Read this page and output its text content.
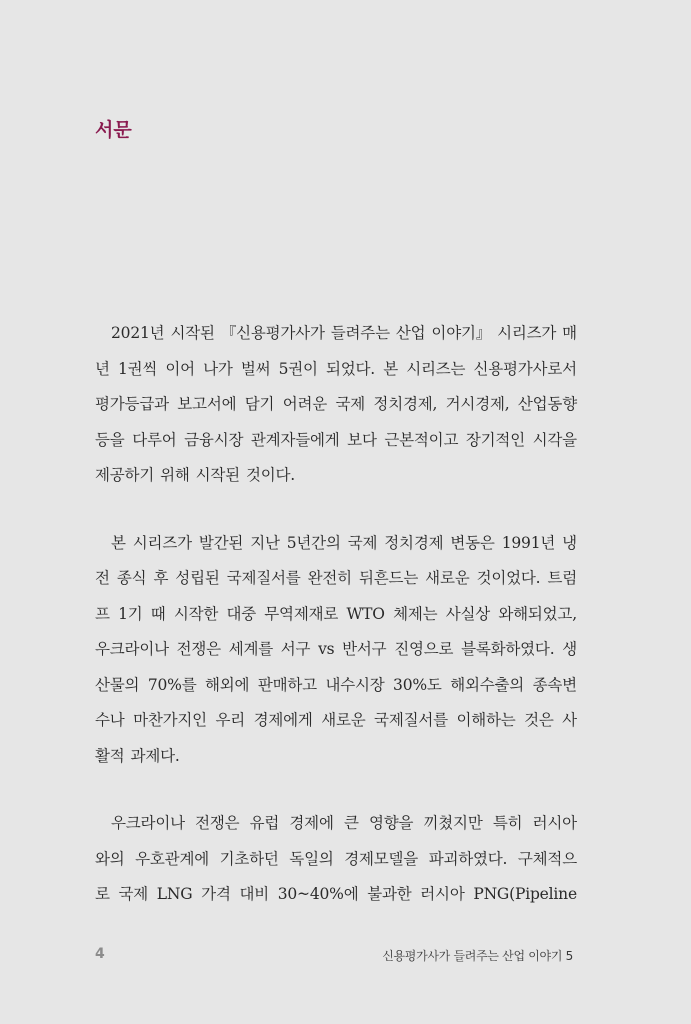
서문
2021년 시작된 『신용평가사가 들려주는 산업 이야기』 시리즈가 매
년 1권씩 이어 나가 벌써 5권이 되었다. 본 시리즈는 신용평가사로서
평가등급과 보고서에 담기 어려운 국제 정치경제, 거시경제, 산업동향
등을 다루어 금융시장 관계자들에게 보다 근본적이고 장기적인 시각을
제공하기 위해 시작된 것이다.
본 시리즈가 발간된 지난 5년간의 국제 정치경제 변동은 1991년 냉
전 종식 후 성립된 국제질서를 완전히 뒤흔드는 새로운 것이었다. 트럼
프 1기 때 시작한 대중 무역제재로 WTO 체제는 사실상 와해되었고,
우크라이나 전쟁은 세계를 서구 vs 반서구 진영으로 블록화하였다. 생
산물의 70%를 해외에 판매하고 내수시장 30%도 해외수출의 종속변
수나 마찬가지인 우리 경제에게 새로운 국제질서를 이해하는 것은 사
활적 과제다.
우크라이나 전쟁은 유럽 경제에 큰 영향을 끼쳤지만 특히 러시아
와의 우호관계에 기초하던 독일의 경제모델을 파괴하였다. 구체적으
로 국제 LNG 가격 대비 30~40%에 불과한 러시아 PNG(Pipeline
4	신용평가사가 들려주는 산업 이야기 5
